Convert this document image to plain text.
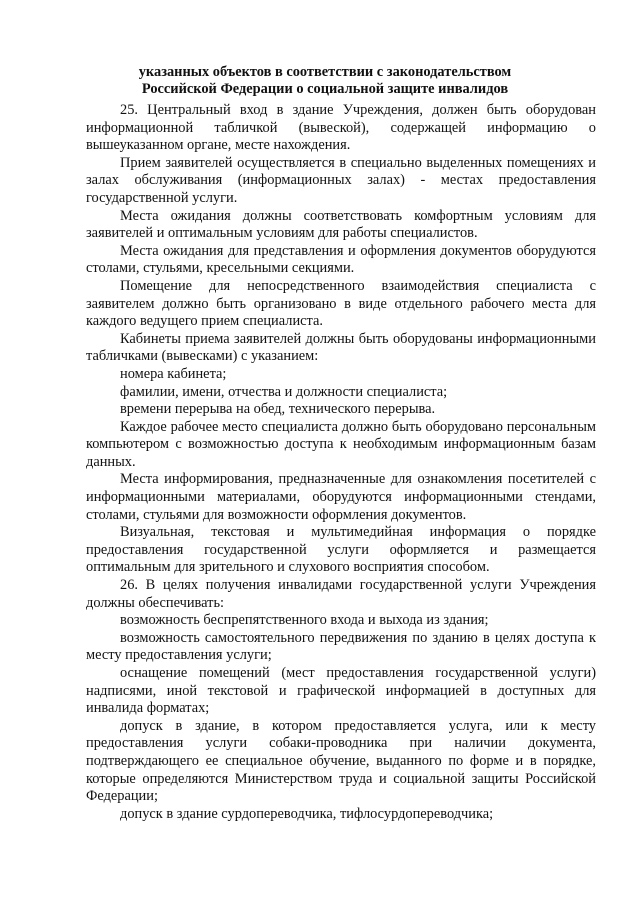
указанных объектов в соответствии с законодательством
Российской Федерации о социальной защите инвалидов

25. Центральный вход в здание Учреждения, должен быть оборудован информационной табличкой (вывеской), содержащей информацию о вышеуказанном органе, месте нахождения.

Прием заявителей осуществляется в специально выделенных помещениях и залах обслуживания (информационных залах) - местах предоставления государственной услуги.

Места ожидания должны соответствовать комфортным условиям для заявителей и оптимальным условиям для работы специалистов.

Места ожидания для представления и оформления документов оборудуются столами, стульями, кресельными секциями.

Помещение для непосредственного взаимодействия специалиста с заявителем должно быть организовано в виде отдельного рабочего места для каждого ведущего прием специалиста.

Кабинеты приема заявителей должны быть оборудованы информационными табличками (вывесками) с указанием:

номера кабинета;

фамилии, имени, отчества и должности специалиста;

времени перерыва на обед, технического перерыва.

Каждое рабочее место специалиста должно быть оборудовано персональным компьютером с возможностью доступа к необходимым информационным базам данных.

Места информирования, предназначенные для ознакомления посетителей с информационными материалами, оборудуются информационными стендами, столами, стульями для возможности оформления документов.

Визуальная, текстовая и мультимедийная информация о порядке предоставления государственной услуги оформляется и размещается оптимальным для зрительного и слухового восприятия способом.

26. В целях получения инвалидами государственной услуги Учреждения должны обеспечивать:

возможность беспрепятственного входа и выхода из здания;

возможность самостоятельного передвижения по зданию в целях доступа к месту предоставления услуги;

оснащение помещений (мест предоставления государственной услуги) надписями, иной текстовой и графической информацией в доступных для инвалида форматах;

допуск в здание, в котором предоставляется услуга, или к месту предоставления услуги собаки-проводника при наличии документа, подтверждающего ее специальное обучение, выданного по форме и в порядке, которые определяются Министерством труда и социальной защиты Российской Федерации;

допуск в здание сурдопереводчика, тифлосурдопереводчика;
